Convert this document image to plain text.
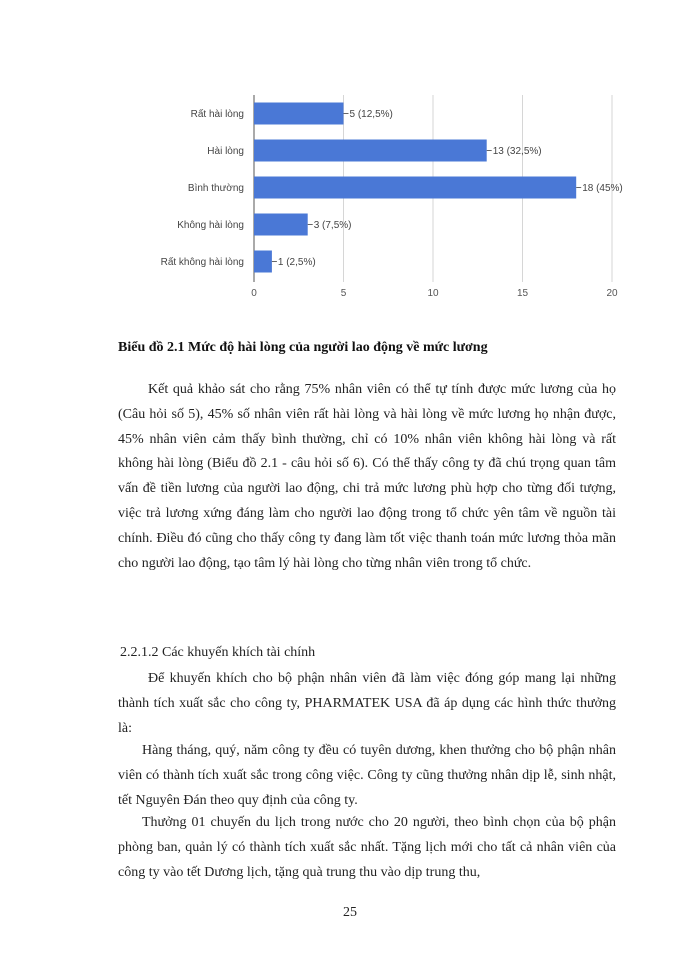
Rất hài lòng
Hài lòng
Bình thường
Không hài lòng
Rất không hài lòng
5 (12,5%)
13 (32,5%)
18 (45%)
3 (7,5%)
1 (2,5%)
0	5	10	15	20
Biểu đồ 2.1 Mức độ hài lòng của người lao động về mức lương
Kết quả khảo sát cho rằng 75% nhân viên có thể tự tính được mức lương của họ (Câu hỏi số 5), 45% số nhân viên rất hài lòng và hài lòng về mức lương họ nhận được, 45% nhân viên cảm thấy bình thường, chỉ có 10% nhân viên không hài lòng và rất không hài lòng (Biểu đồ 2.1 - câu hỏi số 6). Có thể thấy công ty đã chú trọng quan tâm vấn đề tiền lương của người lao động, chi trả mức lương phù hợp cho từng đối tượng, việc trả lương xứng đáng làm cho người lao động trong tổ chức yên tâm về nguồn tài chính. Điều đó cũng cho thấy công ty đang làm tốt việc thanh toán mức lương thỏa mãn cho người lao động, tạo tâm lý hài lòng cho từng nhân viên trong tổ chức.
2.2.1.2 Các khuyến khích tài chính
Để khuyến khích cho bộ phận nhân viên đã làm việc đóng góp mang lại những thành tích xuất sắc cho công ty, PHARMATEK USA đã áp dụng các hình thức thưởng là:
Hàng tháng, quý, năm công ty đều có tuyên dương, khen thưởng cho bộ phận nhân viên có thành tích xuất sắc trong công việc. Công ty cũng thưởng nhân dịp lễ, sinh nhật, tết Nguyên Đán theo quy định của công ty.
Thưởng 01 chuyến du lịch trong nước cho 20 người, theo bình chọn của bộ phận phòng ban, quản lý có thành tích xuất sắc nhất. Tặng lịch mới cho tất cả nhân viên của công ty vào tết Dương lịch, tặng quà trung thu vào dịp trung thu,
25
